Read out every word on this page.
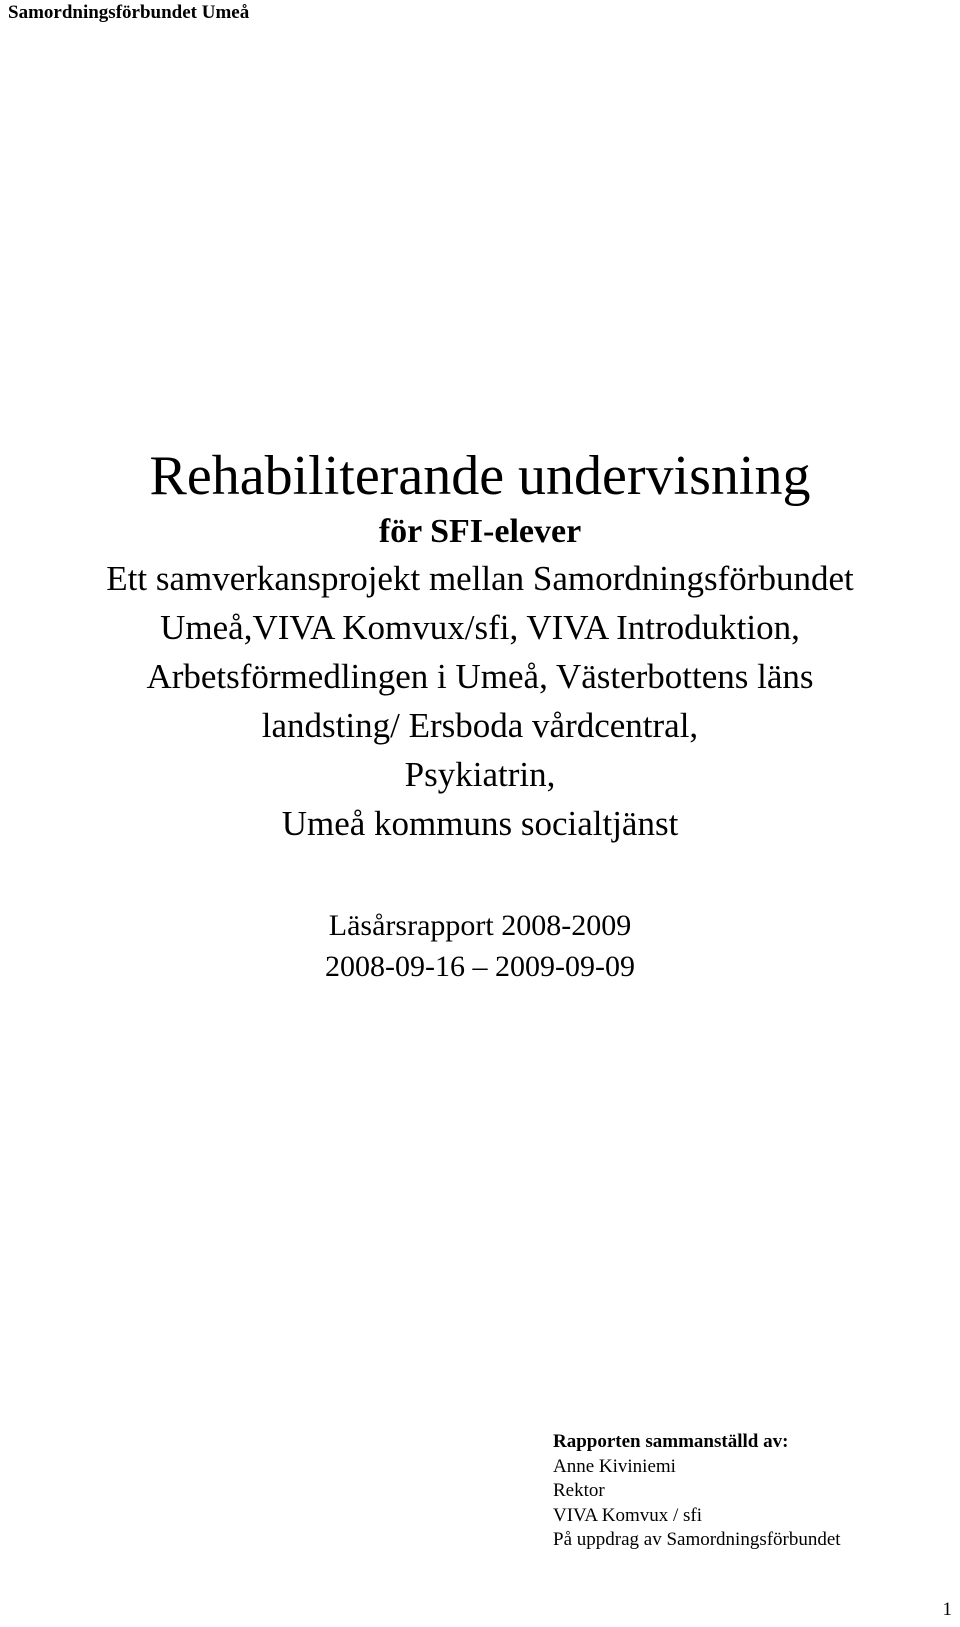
Samordningsförbundet Umeå
Rehabiliterande undervisning
för SFI-elever
Ett samverkansprojekt mellan Samordningsförbundet
Umeå,VIVA Komvux/sfi, VIVA Introduktion,
Arbetsförmedlingen i Umeå, Västerbottens läns
landsting/ Ersboda vårdcentral,
Psykiatrin,
Umeå kommuns socialtjänst
Läsårsrapport 2008-2009
2008-09-16 – 2009-09-09
Rapporten sammanställd av:
Anne Kiviniemi
Rektor
VIVA Komvux / sfi
På uppdrag av Samordningsförbundet
1
